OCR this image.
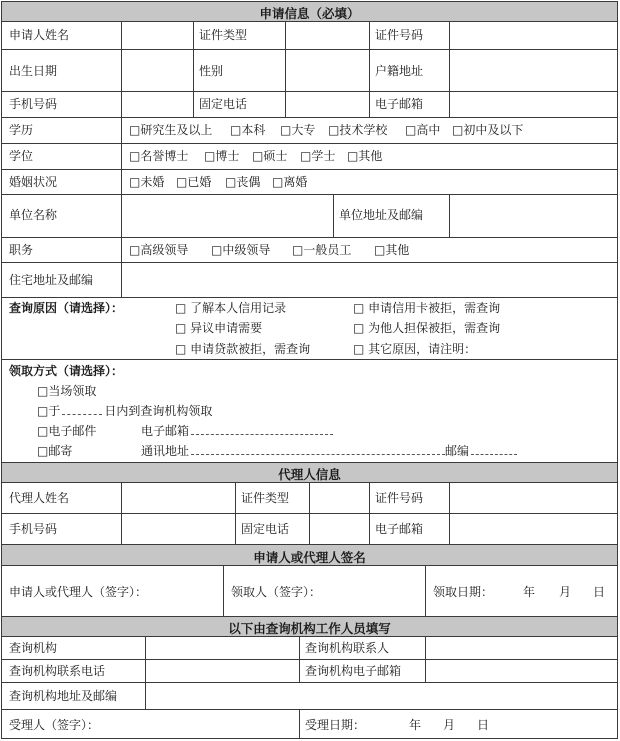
申请信息（必填）
申请人姓名	证件类型	证件号码
出生日期	性别	户籍地址
手机号码	固定电话	电子邮箱
学历	□研究生及以上 □本科 □大专 □技术学校 □高中 □初中及以下
学位	□名誉博士 □博士 □硕士 □学士 □其他
婚姻状况	□未婚 □已婚 □丧偶 □离婚
单位名称	单位地址及邮编
职务	□高级领导 □中级领导 □一般员工 □其他
住宅地址及邮编
查询原因（请选择）：	□ 了解本人信用记录
□ 异议申请需要
□ 申请贷款被拒，需查询
□ 申请信用卡被拒，需查询
□ 为他人担保被拒，需查询
□ 其它原因，请注明：
领取方式（请选择）：
□当场领取
□于	日内到查询机构领取
□电子邮件	电子邮箱
□邮寄	通讯地址	邮编
代理人信息
代理人姓名	证件类型	证件号码
手机号码	固定电话	电子邮箱
申请人或代理人签名
申请人或代理人（签字）：	领取人（签字）：	领取日期： 年 月 日
以下由查询机构工作人员填写
查询机构	查询机构联系人
查询机构联系电话	查询机构电子邮箱
查询机构地址及邮编
受理人（签字）：	受理日期：	年 月 日
